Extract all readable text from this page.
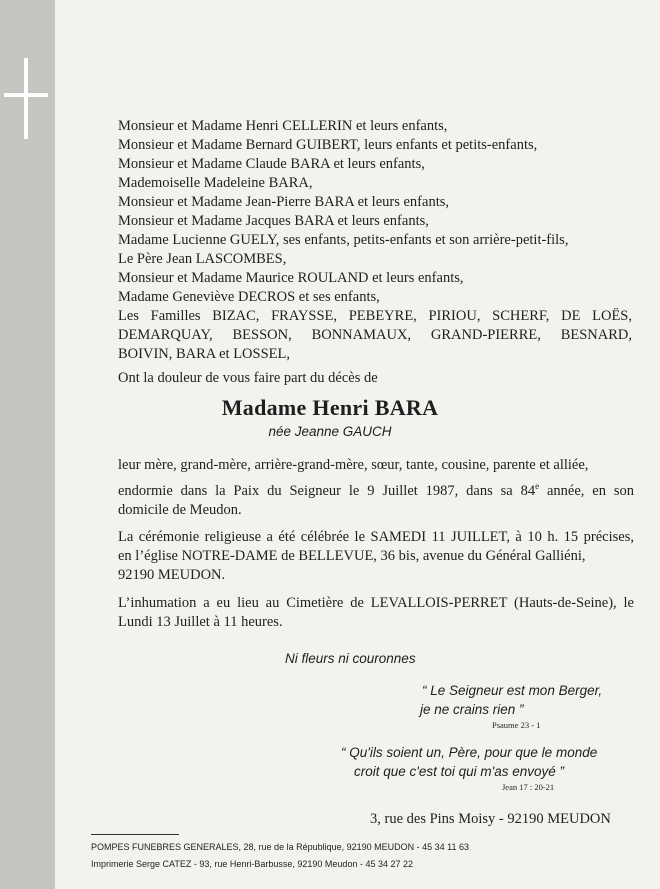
Monsieur et Madame Henri CELLERIN et leurs enfants,
Monsieur et Madame Bernard GUIBERT, leurs enfants et petits-enfants,
Monsieur et Madame Claude BARA et leurs enfants,
Mademoiselle Madeleine BARA,
Monsieur et Madame Jean-Pierre BARA et leurs enfants,
Monsieur et Madame Jacques BARA et leurs enfants,
Madame Lucienne GUELY, ses enfants, petits-enfants et son arrière-petit-fils,
Le Père Jean LASCOMBES,
Monsieur et Madame Maurice ROULAND et leurs enfants,
Madame Geneviève DECROS et ses enfants,
Les Familles BIZAC, FRAYSSE, PEBEYRE, PIRIOU, SCHERF, DE LOËS,
DEMARQUAY, BESSON, BONNAMAUX, GRAND-PIERRE, BESNARD,
BOIVIN, BARA et LOSSEL,
Ont la douleur de vous faire part du décès de
Madame Henri BARA
née Jeanne GAUCH
leur mère, grand-mère, arrière-grand-mère, sœur, tante, cousine, parente et alliée,
endormie dans la Paix du Seigneur le 9 Juillet 1987, dans sa 84e année, en son
domicile de Meudon.
La cérémonie religieuse a été célébrée le SAMEDI 11 JUILLET, à 10 h. 15 précises,
en l’église NOTRE-DAME de BELLEVUE, 36 bis, avenue du Général Galliéni,
92190 MEUDON.
L’inhumation a eu lieu au Cimetière de LEVALLOIS-PERRET (Hauts-de-Seine), le
Lundi 13 Juillet à 11 heures.
Ni fleurs ni couronnes
“ Le Seigneur est mon Berger,
je ne crains rien ”
Psaume 23 - 1
“ Qu'ils soient un, Père, pour que le monde
croit que c'est toi qui m'as envoyé ”
Jean 17 : 20-21
3, rue des Pins Moisy - 92190 MEUDON
POMPES FUNEBRES GENERALES, 28, rue de la République, 92190 MEUDON - 45 34 11 63
Imprimerie Serge CATEZ - 93, rue Henri-Barbusse, 92190 Meudon - 45 34 27 22
